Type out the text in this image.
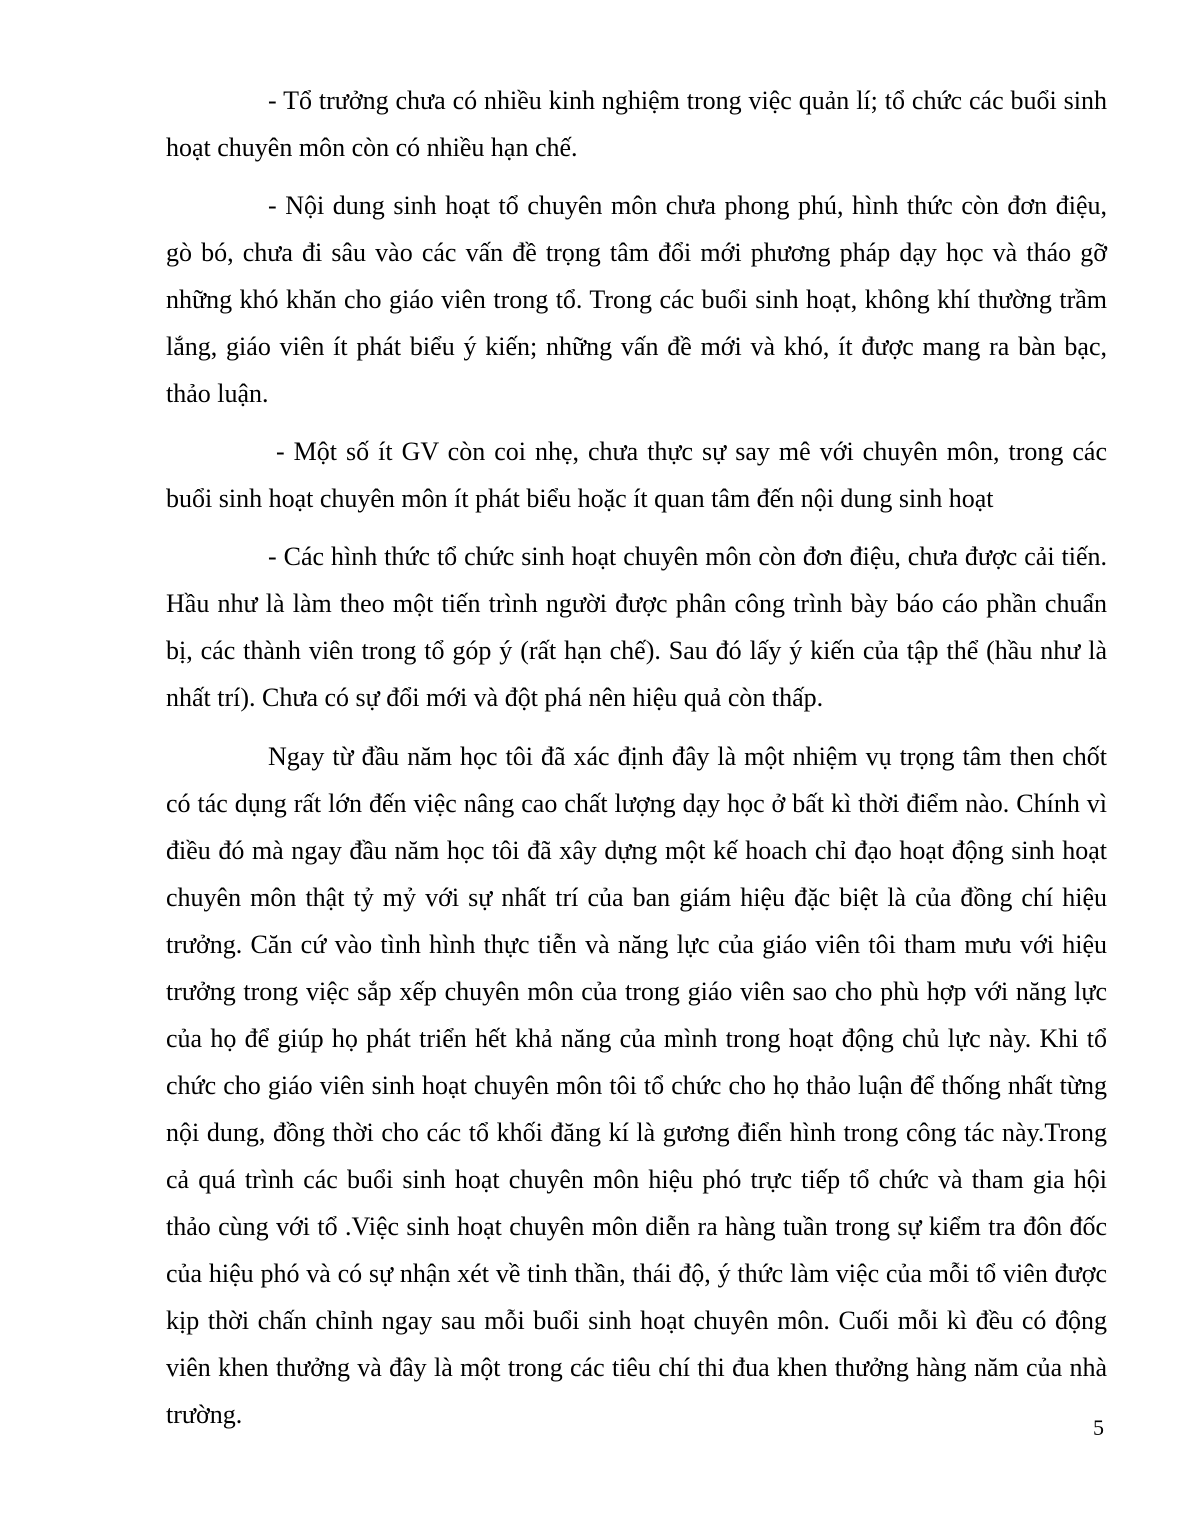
- Tổ trưởng chưa có nhiều kinh nghiệm trong việc quản lí; tổ chức các buổi sinh hoạt chuyên môn còn có nhiều hạn chế.

- Nội dung sinh hoạt tổ chuyên môn chưa phong phú, hình thức còn đơn điệu, gò bó, chưa đi sâu vào các vấn đề trọng tâm đổi mới phương pháp dạy học và tháo gỡ những khó khăn cho giáo viên trong tổ. Trong các buổi sinh hoạt, không khí thường trầm lắng, giáo viên ít phát biểu ý kiến; những vấn đề mới và khó, ít được mang ra bàn bạc, thảo luận.

- Một số ít GV còn coi nhẹ, chưa thực sự say mê với chuyên môn, trong các buổi sinh hoạt chuyên môn ít phát biểu hoặc ít quan tâm đến nội dung sinh hoạt

- Các hình thức tổ chức sinh hoạt chuyên môn còn đơn điệu, chưa được cải tiến. Hầu như là làm theo một tiến trình người được phân công trình bày báo cáo phần chuẩn bị, các thành viên trong tổ góp ý (rất hạn chế). Sau đó lấy ý kiến của tập thể (hầu như là nhất trí). Chưa có sự đổi mới và đột phá nên hiệu quả còn thấp.

Ngay từ đầu năm học tôi đã xác định đây là một nhiệm vụ trọng tâm then chốt có tác dụng rất lớn đến việc nâng cao chất lượng dạy học ở bất kì thời điểm nào. Chính vì điều đó mà ngay đầu năm học tôi đã xây dựng một kế hoach chỉ đạo hoạt động sinh hoạt chuyên môn thật tỷ mỷ với sự nhất trí của ban giám hiệu đặc biệt là của đồng chí hiệu trưởng. Căn cứ vào tình hình thực tiễn và năng lực của giáo viên tôi tham mưu với hiệu trưởng trong việc sắp xếp chuyên môn của trong giáo viên sao cho phù hợp với năng lực của họ để giúp họ phát triển hết khả năng của mình trong hoạt động chủ lực này. Khi tổ chức cho giáo viên sinh hoạt chuyên môn tôi tổ chức cho họ thảo luận để thống nhất từng nội dung, đồng thời cho các tổ khối đăng kí là gương điển hình trong công tác này.Trong cả quá trình các buổi sinh hoạt chuyên môn hiệu phó trực tiếp tổ chức và tham gia hội thảo cùng với tổ .Việc sinh hoạt chuyên môn diễn ra hàng tuần trong sự kiểm tra đôn đốc của hiệu phó và có sự nhận xét về tinh thần, thái độ, ý thức làm việc của mỗi tổ viên được kịp thời chấn chỉnh ngay sau mỗi buổi sinh hoạt chuyên môn. Cuối mỗi kì đều có động viên khen thưởng và đây là một trong các tiêu chí thi đua khen thưởng hàng năm của nhà trường.	5
